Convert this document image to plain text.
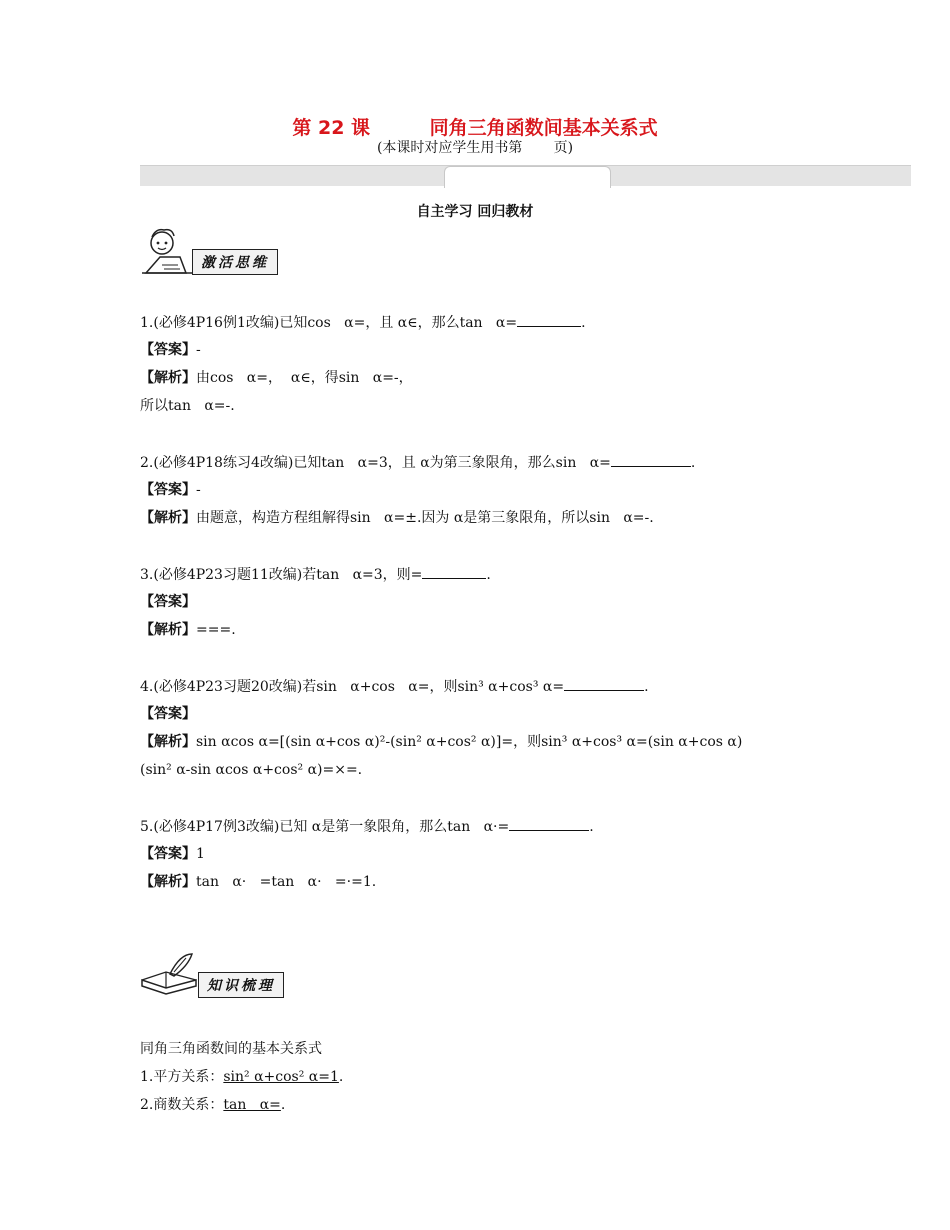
第 22 课         同角三角函数间基本关系式
(本课时对应学生用书第       页)
自主学习 回归教材
激活思维
1.(必修4P16例1改编)已知cos   α=，且 α∈，那么tan   α=	.
【答案】-
【解析】由cos   α=，  α∈，得sin   α=-，
所以tan   α=-.
2.(必修4P18练习4改编)已知tan   α=3，且 α为第三象限角，那么sin   α=	.
【答案】-
【解析】由题意，构造方程组解得sin   α=±.因为 α是第三象限角，所以sin   α=-.
3.(必修4P23习题11改编)若tan   α=3，则=	.
【答案】
【解析】===.
4.(必修4P23习题20改编)若sin   α+cos   α=，则sin³ α+cos³ α=	.
【答案】
【解析】sin αcos α=[(sin α+cos α)²-(sin² α+cos² α)]=，则sin³ α+cos³ α=(sin α+cos α)
(sin² α-sin αcos α+cos² α)=×=.
5.(必修4P17例3改编)已知 α是第一象限角，那么tan   α·=	.
【答案】1
【解析】tan   α·   =tan   α·   =·=1.
知识梳理
同角三角函数间的基本关系式
1.平方关系：sin² α+cos² α=1.
2.商数关系：tan   α=.
